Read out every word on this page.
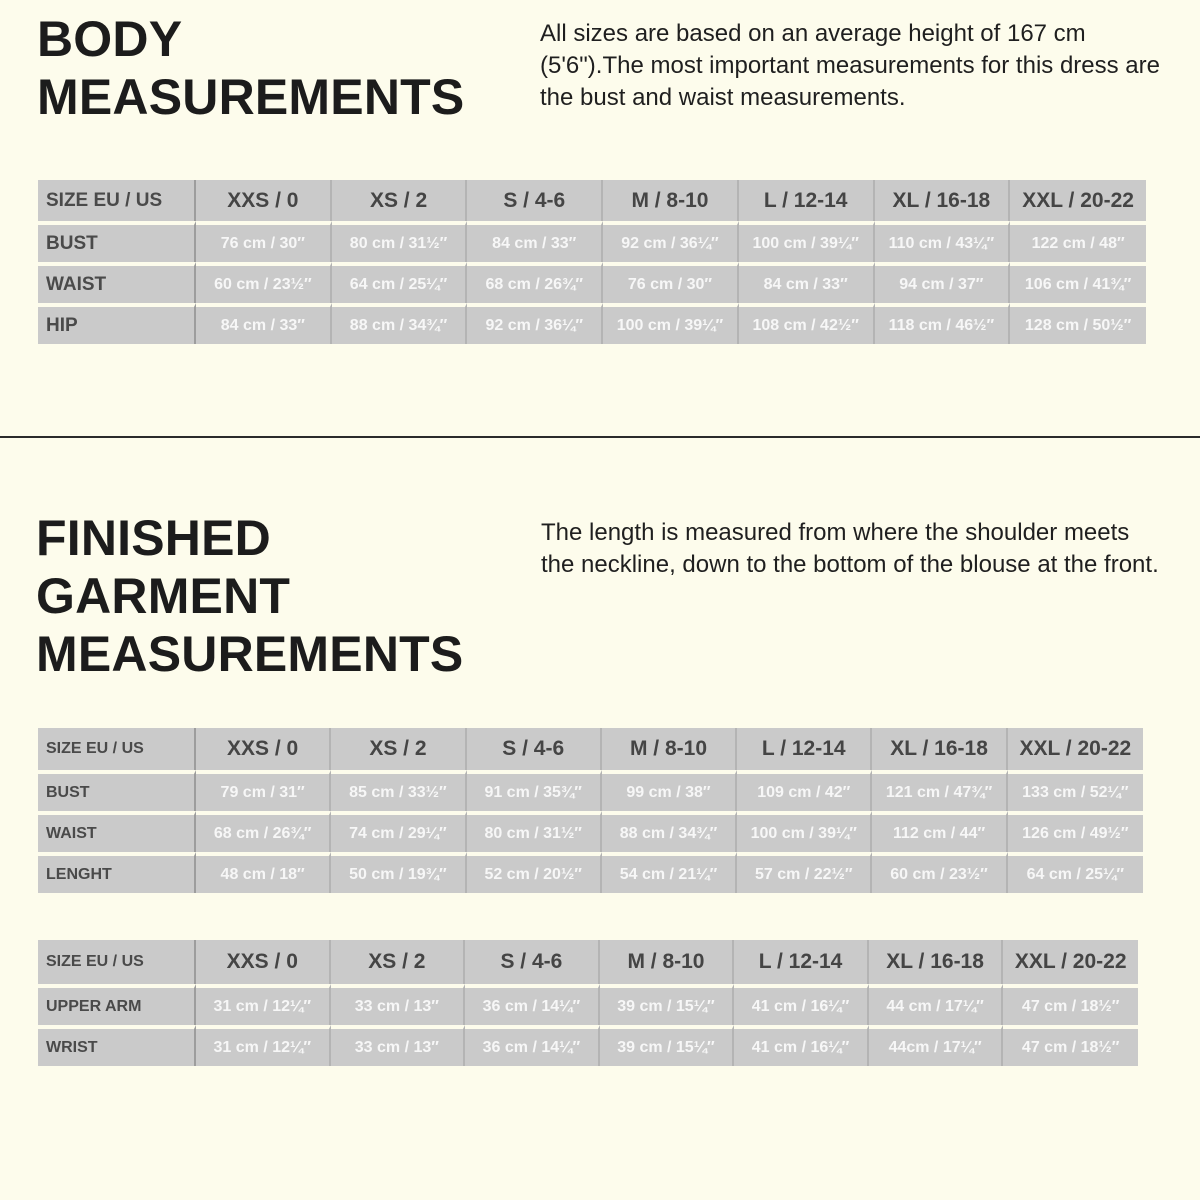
BODY
MEASUREMENTS

All sizes are based on an average height of 167 cm (5'6").The most important measurements for this dress are the bust and waist measurements.

SIZE EU / US	XXS / 0	XS / 2	S / 4-6	M / 8-10	L / 12-14	XL / 16-18	XXL / 20-22
BUST	76 cm / 30″	80 cm / 31½″	84 cm / 33″	92 cm / 36¼″	100 cm / 39¼″	110 cm / 43¼″	122 cm / 48″
WAIST	60 cm / 23½″	64 cm / 25¼″	68 cm / 26¾″	76 cm / 30″	84 cm / 33″	94 cm / 37″	106 cm / 41¾″
HIP	84 cm / 33″	88 cm / 34¾″	92 cm / 36¼″	100 cm / 39¼″	108 cm / 42½″	118 cm / 46½″	128 cm / 50½″
FINISHED
GARMENT
MEASUREMENTS

The length is measured from where the shoulder meets the neckline, down to the bottom of the blouse at the front.

SIZE EU / US	XXS / 0	XS / 2	S / 4-6	M / 8-10	L / 12-14	XL / 16-18	XXL / 20-22
BUST	79 cm / 31″	85 cm / 33½″	91 cm / 35¾″	99 cm / 38″	109 cm / 42″	121 cm / 47¾″	133 cm / 52¼″
WAIST	68 cm / 26¾″	74 cm / 29¼″	80 cm / 31½″	88 cm / 34¾″	100 cm / 39¼″	112 cm / 44″	126 cm / 49½″
LENGHT	48 cm / 18″	50 cm / 19¾″	52 cm / 20½″	54 cm / 21¼″	57 cm / 22½″	60 cm / 23½″	64 cm / 25¼″
SIZE EU / US	XXS / 0	XS / 2	S / 4-6	M / 8-10	L / 12-14	XL / 16-18	XXL / 20-22
UPPER ARM	31 cm / 12¼″	33 cm / 13″	36 cm / 14¼″	39 cm / 15¼″	41 cm / 16¼″	44 cm / 17¼″	47 cm / 18½″
WRIST	31 cm / 12¼″	33 cm / 13″	36 cm / 14¼″	39 cm / 15¼″	41 cm / 16¼″	44cm / 17¼″	47 cm / 18½″
